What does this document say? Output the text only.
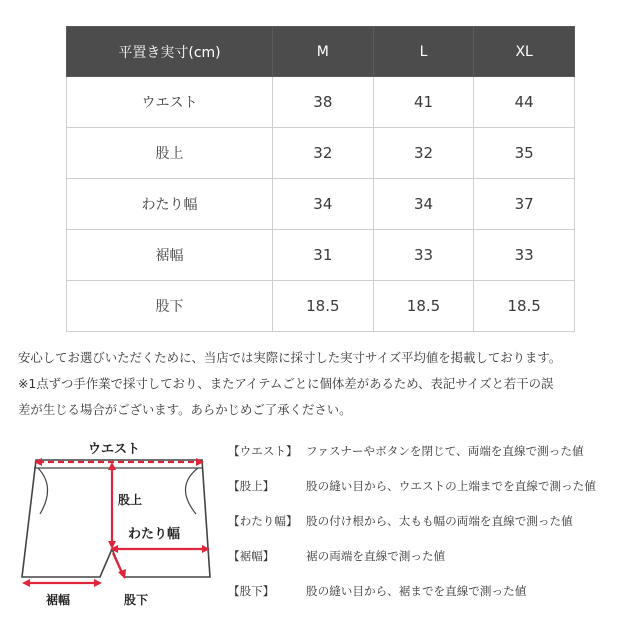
平置き実寸(cm)	M	L	XL
ウエスト	38	41	44
股上	32	32	35
わたり幅	34	34	37
裾幅	31	33	33
股下	18.5	18.5	18.5
安心してお選びいただくために、当店では実際に採寸した実寸サイズ平均値を掲載しております。
※1点ずつ手作業で採寸しており、またアイテムごとに個体差があるため、表記サイズと若干の誤
差が生じる場合がございます。あらかじめご了承ください。
ウエスト
股上
わたり幅
裾幅	股下
【ウエスト】 ファスナーやボタンを閉じて、両端を直線で測った値
【股上】	股の縫い目から、ウエストの上端までを直線で測った値
【わたり幅】 股の付け根から、太もも幅の両端を直線で測った値
【裾幅】	裾の両端を直線で測った値
【股下】	股の縫い目から、裾までを直線で測った値
